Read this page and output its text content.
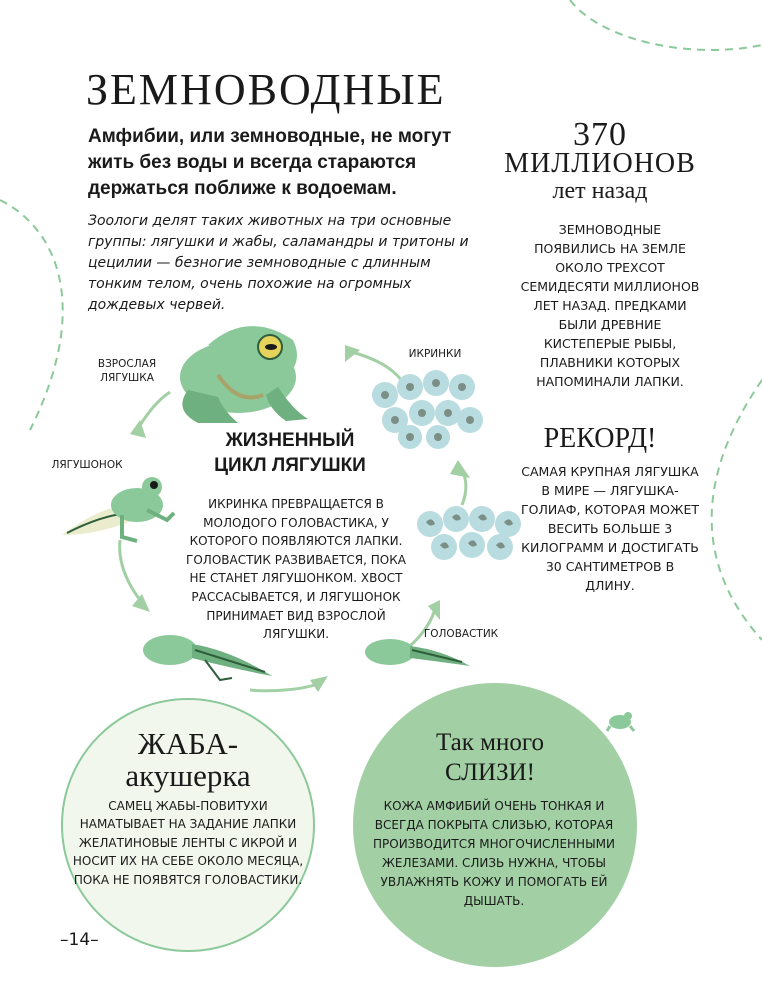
ЗЕМНОВОДНЫЕ
Амфибии, или земноводные, не могут жить без воды и всегда стараются держаться поближе к водоемам.
Зоологи делят таких животных на три основные группы: лягушки и жабы, саламандры и тритоны и цецилии — безногие земноводные с длинным тонким телом, очень похожие на огромных дождевых червей.
370
МИЛЛИОНОВ
лет назад
ЗЕМНОВОДНЫЕ ПОЯВИЛИСЬ НА ЗЕМЛЕ ОКОЛО ТРЕХСОТ СЕМИДЕСЯТИ МИЛЛИОНОВ ЛЕТ НАЗАД. ПРЕДКАМИ БЫЛИ ДРЕВНИЕ КИСТЕПЕРЫЕ РЫБЫ, ПЛАВНИКИ КОТОРЫХ НАПОМИНАЛИ ЛАПКИ.
РЕКОРД!
САМАЯ КРУПНАЯ ЛЯГУШКА В МИРЕ — ЛЯГУШКА-ГОЛИАФ, КОТОРАЯ МОЖЕТ ВЕСИТЬ БОЛЬШЕ 3 КИЛОГРАММ И ДОСТИГАТЬ 30 САНТИМЕТРОВ В ДЛИНУ.
ЖИЗНЕННЫЙ ЦИКЛ ЛЯГУШКИ
ИКРИНКА ПРЕВРАЩАЕТСЯ В МОЛОДОГО ГОЛОВАСТИКА, У КОТОРОГО ПОЯВЛЯЮТСЯ ЛАПКИ. ГОЛОВАСТИК РАЗВИВАЕТСЯ, ПОКА НЕ СТАНЕТ ЛЯГУШОНКОМ. ХВОСТ РАССАСЫВАЕТСЯ, И ЛЯГУШОНОК ПРИНИМАЕТ ВИД ВЗРОСЛОЙ ЛЯГУШКИ.
ВЗРОСЛАЯ ЛЯГУШКА
ИКРИНКИ
ЛЯГУШОНОК
ГОЛОВАСТИК
ЖАБА-
акушерка
САМЕЦ ЖАБЫ-ПОВИТУХИ НАМАТЫВАЕТ НА ЗАДАНИЕ ЛАПКИ ЖЕЛАТИНОВЫЕ ЛЕНТЫ С ИКРОЙ И НОСИТ ИХ НА СЕБЕ ОКОЛО МЕСЯЦА, ПОКА НЕ ПОЯВЯТСЯ ГОЛОВАСТИКИ.
Так много
СЛИЗИ!
КОЖА АМФИБИЙ ОЧЕНЬ ТОНКАЯ И ВСЕГДА ПОКРЫТА СЛИЗЬЮ, КОТОРАЯ ПРОИЗВОДИТСЯ МНОГОЧИСЛЕННЫМИ ЖЕЛЕЗАМИ. СЛИЗЬ НУЖНА, ЧТОБЫ УВЛАЖНЯТЬ КОЖУ И ПОМОГАТЬ ЕЙ ДЫШАТЬ.
–14–
